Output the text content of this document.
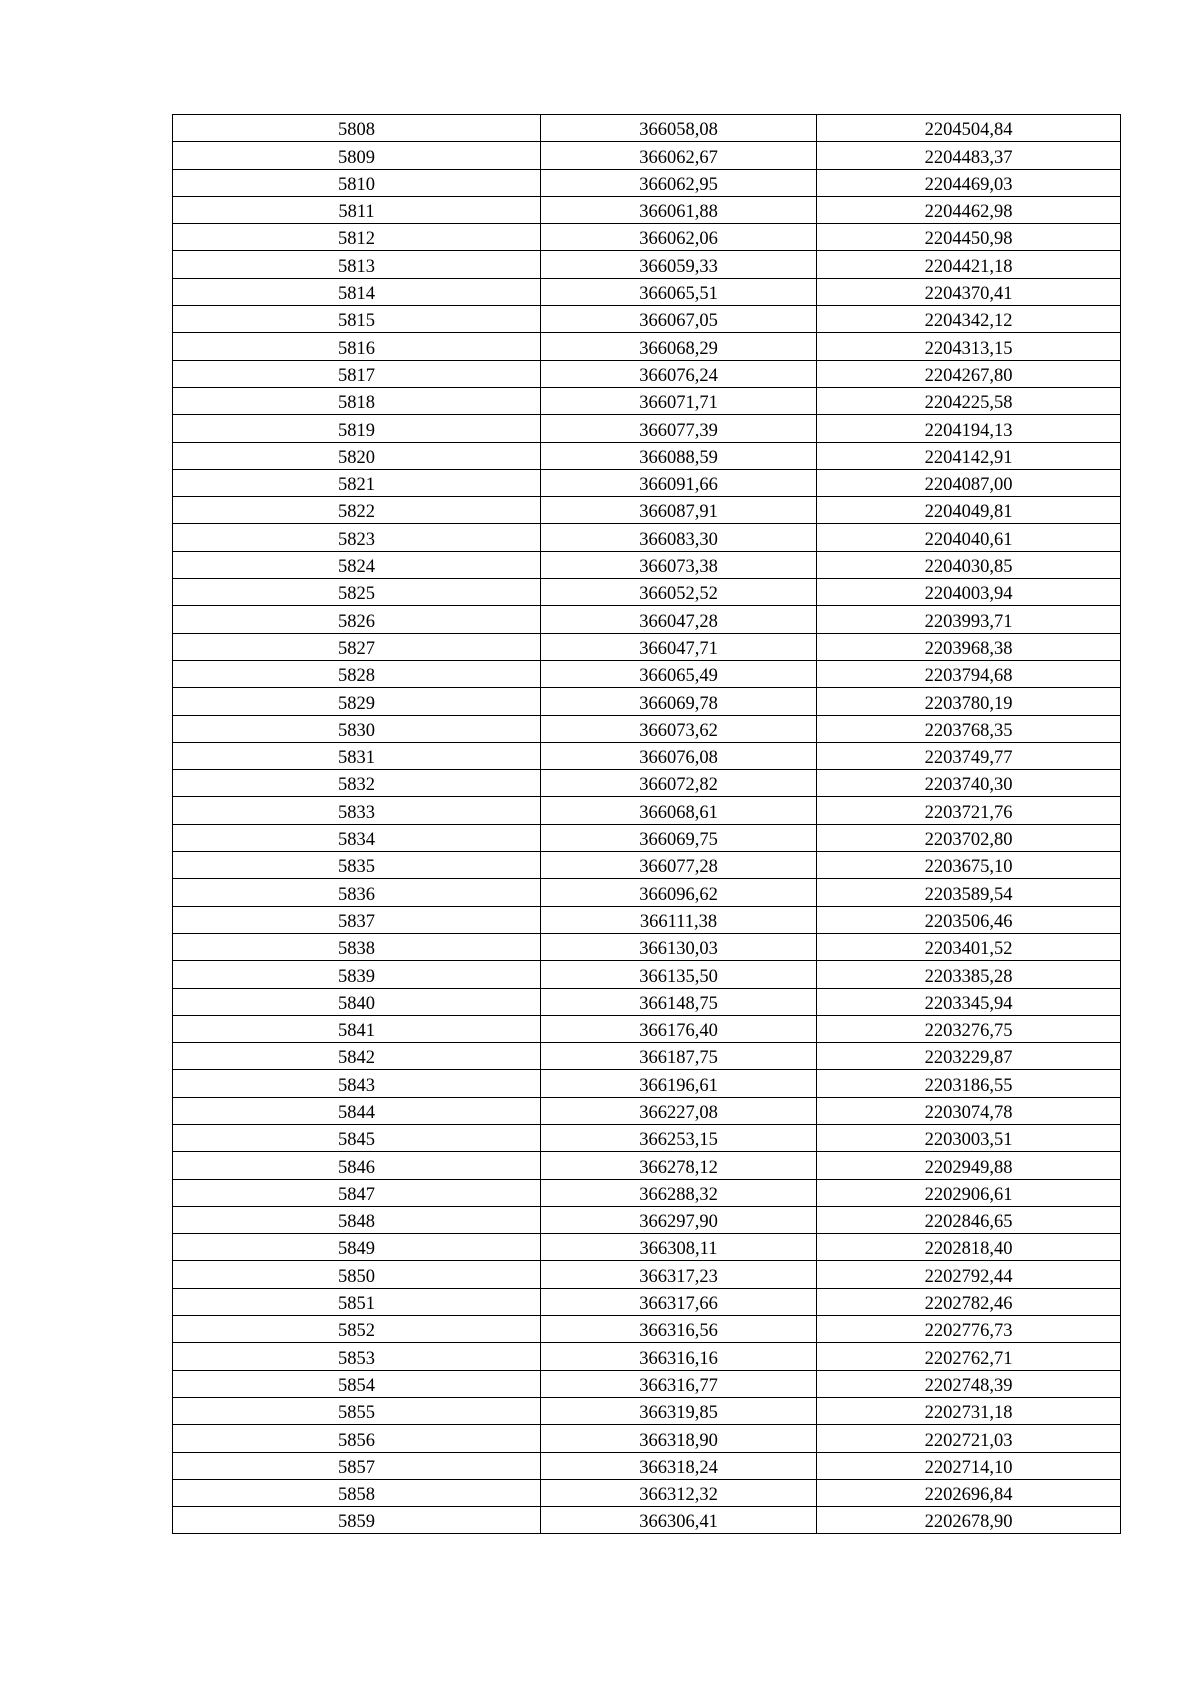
5808	366058,08	2204504,84
5809	366062,67	2204483,37
5810	366062,95	2204469,03
5811	366061,88	2204462,98
5812	366062,06	2204450,98
5813	366059,33	2204421,18
5814	366065,51	2204370,41
5815	366067,05	2204342,12
5816	366068,29	2204313,15
5817	366076,24	2204267,80
5818	366071,71	2204225,58
5819	366077,39	2204194,13
5820	366088,59	2204142,91
5821	366091,66	2204087,00
5822	366087,91	2204049,81
5823	366083,30	2204040,61
5824	366073,38	2204030,85
5825	366052,52	2204003,94
5826	366047,28	2203993,71
5827	366047,71	2203968,38
5828	366065,49	2203794,68
5829	366069,78	2203780,19
5830	366073,62	2203768,35
5831	366076,08	2203749,77
5832	366072,82	2203740,30
5833	366068,61	2203721,76
5834	366069,75	2203702,80
5835	366077,28	2203675,10
5836	366096,62	2203589,54
5837	366111,38	2203506,46
5838	366130,03	2203401,52
5839	366135,50	2203385,28
5840	366148,75	2203345,94
5841	366176,40	2203276,75
5842	366187,75	2203229,87
5843	366196,61	2203186,55
5844	366227,08	2203074,78
5845	366253,15	2203003,51
5846	366278,12	2202949,88
5847	366288,32	2202906,61
5848	366297,90	2202846,65
5849	366308,11	2202818,40
5850	366317,23	2202792,44
5851	366317,66	2202782,46
5852	366316,56	2202776,73
5853	366316,16	2202762,71
5854	366316,77	2202748,39
5855	366319,85	2202731,18
5856	366318,90	2202721,03
5857	366318,24	2202714,10
5858	366312,32	2202696,84
5859	366306,41	2202678,90
